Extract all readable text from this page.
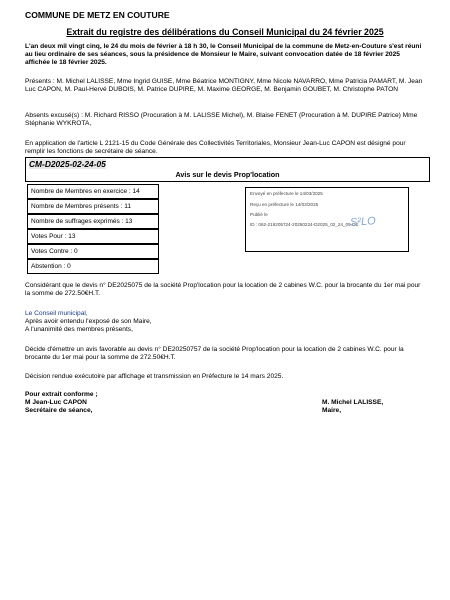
COMMUNE DE METZ EN COUTURE
Extrait du registre des délibérations du Conseil Municipal du 24 février 2025
L'an deux mil vingt cinq, le 24 du mois de février à 18 h 30, le Conseil Municipal de la commune de Metz-en-Couture s'est réuni au lieu ordinaire de ses séances, sous la présidence de Monsieur le Maire, suivant convocation datée de 18 février 2025 affichée le 18 février 2025.
Présents : M. Michel LALISSE, Mme Ingrid GUISE, Mme Béatrice MONTIGNY, Mme Nicole NAVARRO, Mme Patricia PAMART, M. Jean Luc CAPON, M. Paul-Hervé DUBOIS, M. Patrice DUPIRE, M. Maxime GEORGE, M. Benjamin GOUBET, M. Christophe PATON
Absents excusé(s) : M. Richard RISSO (Procuration à M. LALISSE Michel), M. Blaise FENET (Procuration à M. DUPIRE Patrice) Mme Stéphanie WYKROTA,
En application de l'article L 2121-15 du Code Générale des Collectivités Territoriales, Monsieur Jean-Luc CAPON est désigné pour remplir les fonctions de secrétaire de séance.
CM-D2025-02-24-05
Avis sur le devis Prop'location
Nombre de Membres en exercice : 14
Nombre de Membres présents : 11
Nombre de suffrages exprimés : 13
Votes Pour : 13
Votes Contre : 0
Abstention : 0
Envoyé en préfecture le 14/03/2025
Reçu en préfecture le 14/03/2025
Publié le
ID : 062-216205724-20250224-D2025_02_24_05-DE
S²LO
Considérant que le devis n° DE2025075 de la société Prop'location pour la location de 2 cabines W.C. pour la brocante du 1er mai pour la somme de 272.50€H.T.
Le Conseil municipal,
Après avoir entendu l'exposé de son Maire,
A l'unanimité des membres présents,
Décide d'émettre un avis favorable au devis n° DE20250757 de la société Prop'location pour la location de 2 cabines W.C. pour la brocante du 1er mai pour la somme de 272.50€H.T.
Décision rendue exécutoire par affichage et transmission en Préfecture le 14 mars 2025.
Pour extrait conforme ;
M Jean-Luc CAPON
Secrétaire de séance,
M. Michel LALISSE,
Maire,
